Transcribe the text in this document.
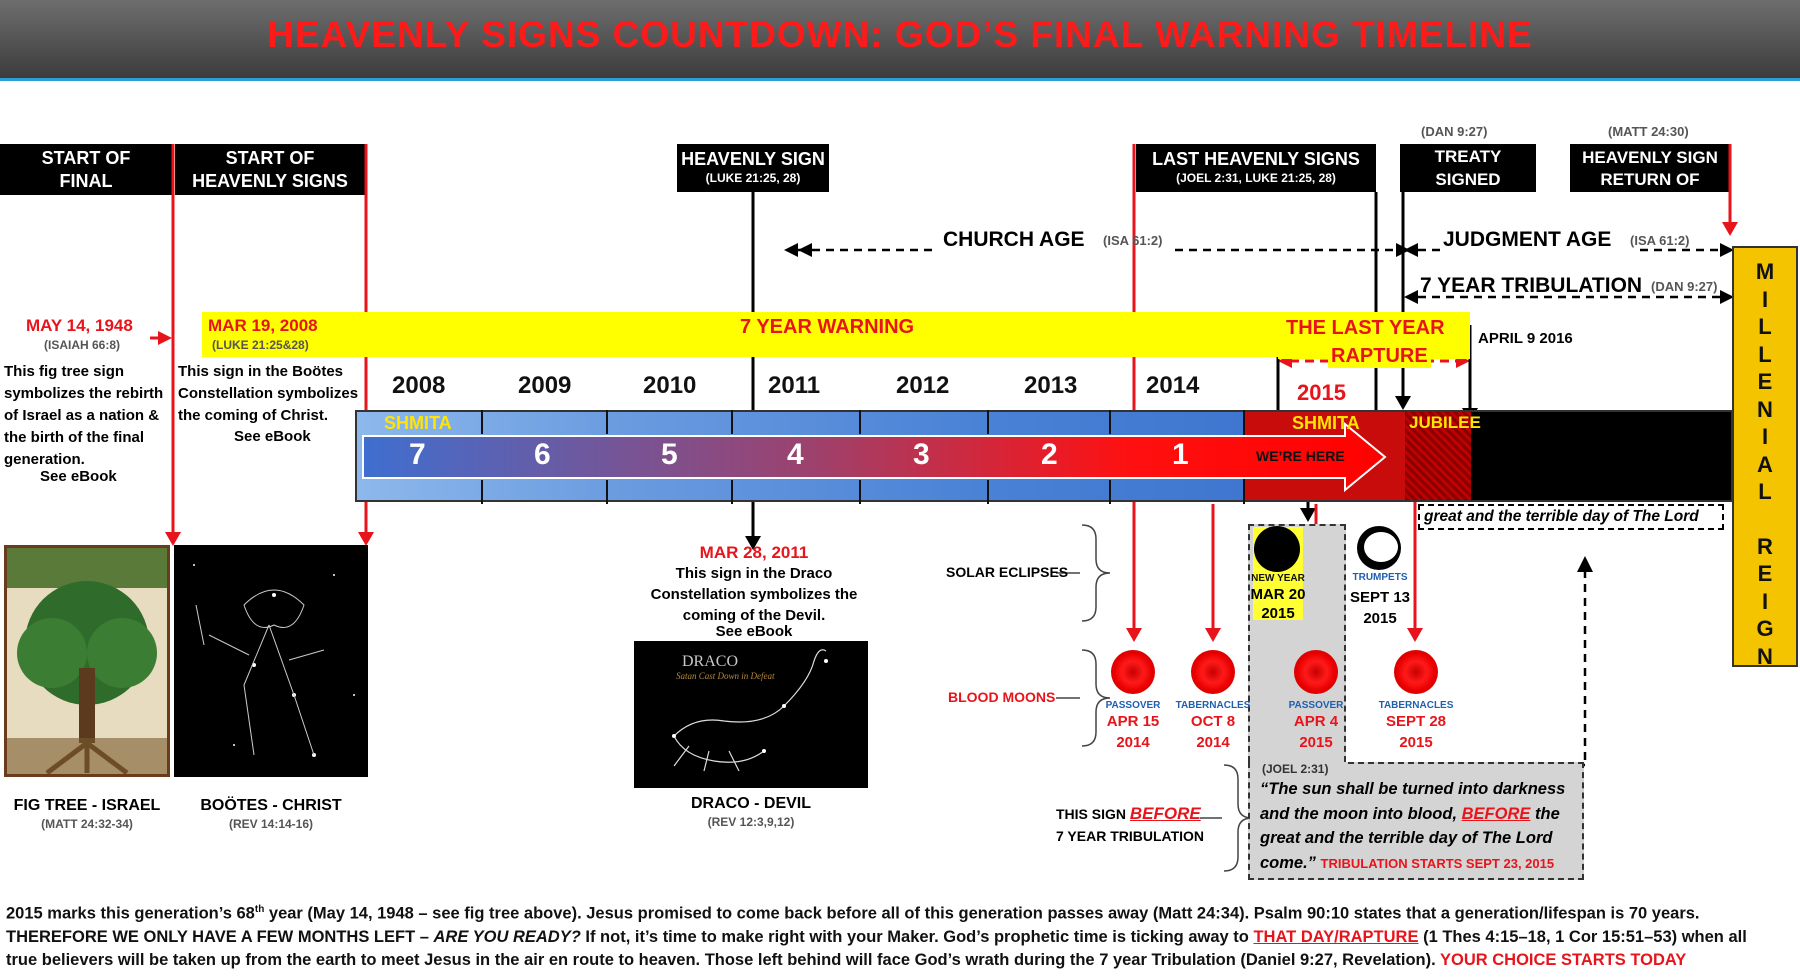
HEAVENLY SIGNS COUNTDOWN: GOD’S FINAL WARNING TIMELINE
START OF FINAL GENERATION
START OF HEAVENLY SIGNS COUNTDOWN
HEAVENLY SIGN
(LUKE 21:25, 28)
LAST HEAVENLY SIGNS
(JOEL 2:31, LUKE 21:25, 28)
(DAN 9:27)
TREATY SIGNED /ANTICHRIST
(MATT 24:30)
HEAVENLY SIGN RETURN OF CHRIST
CHURCH AGE (ISA 61:2)	JUDGMENT AGE (ISA 61:2)
7 YEAR TRIBULATION (DAN 9:27)
MAY 14, 1948
(ISAIAH 66:8)
This fig tree sign symbolizes the rebirth of Israel as a nation & the birth of the final generation.
See eBook
MAR 19, 2008
(LUKE 21:25&28)
7 YEAR WARNING	THE LAST YEAR
RAPTURE
APRIL 9 2016
2015
This sign in the Boötes Constellation symbolizes the coming of Christ.
See eBook
2008	2009	2010	2011	2012	2013	2014
SHMITA	SHMITA	JUBILEE
7	6	5	4	3	2	1	WE’RE HERE
great and the terrible day of The Lord
M
I
L
L
E
N
I
A
L
R
E
I
G
N
FIG TREE - ISRAEL
(MATT 24:32-34)
BOÖTES - CHRIST
(REV 14:14-16)
MAR 28, 2011
This sign in the Draco Constellation symbolizes the coming of the Devil.
See eBook
DRACO
Satan Cast Down in Defeat
DRACO - DEVIL
(REV 12:3,9,12)
SOLAR ECLIPSES
BLOOD MOONS
NEW YEAR
MAR 20
2015
TRUMPETS
SEPT 13
2015
PASSOVER
APR 15
2014
TABERNACLES
OCT 8
2014
PASSOVER
APR 4
2015
TABERNACLES
SEPT 28
2015
(JOEL 2:31)
“The sun shall be turned into darkness and the moon into blood, BEFORE the great and the terrible day of The Lord come.” TRIBULATION STARTS SEPT 23, 2015
THIS SIGN BEFORE
7 YEAR TRIBULATION
2015 marks this generation’s 68th year (May 14, 1948 – see fig tree above). Jesus promised to come back before all of this generation passes away (Matt 24:34). Psalm 90:10 states that a generation/lifespan is 70 years.
THEREFORE WE ONLY HAVE A FEW MONTHS LEFT – ARE YOU READY? If not, it’s time to make right with your Maker. God’s prophetic time is ticking away to THAT DAY/RAPTURE (1 Thes 4:15–18, 1 Cor 15:51–53) when all
true believers will be taken up from the earth to meet Jesus in the air en route to heaven. Those left behind will face God’s wrath during the 7 year Tribulation (Daniel 9:27, Revelation). YOUR CHOICE STARTS TODAY
